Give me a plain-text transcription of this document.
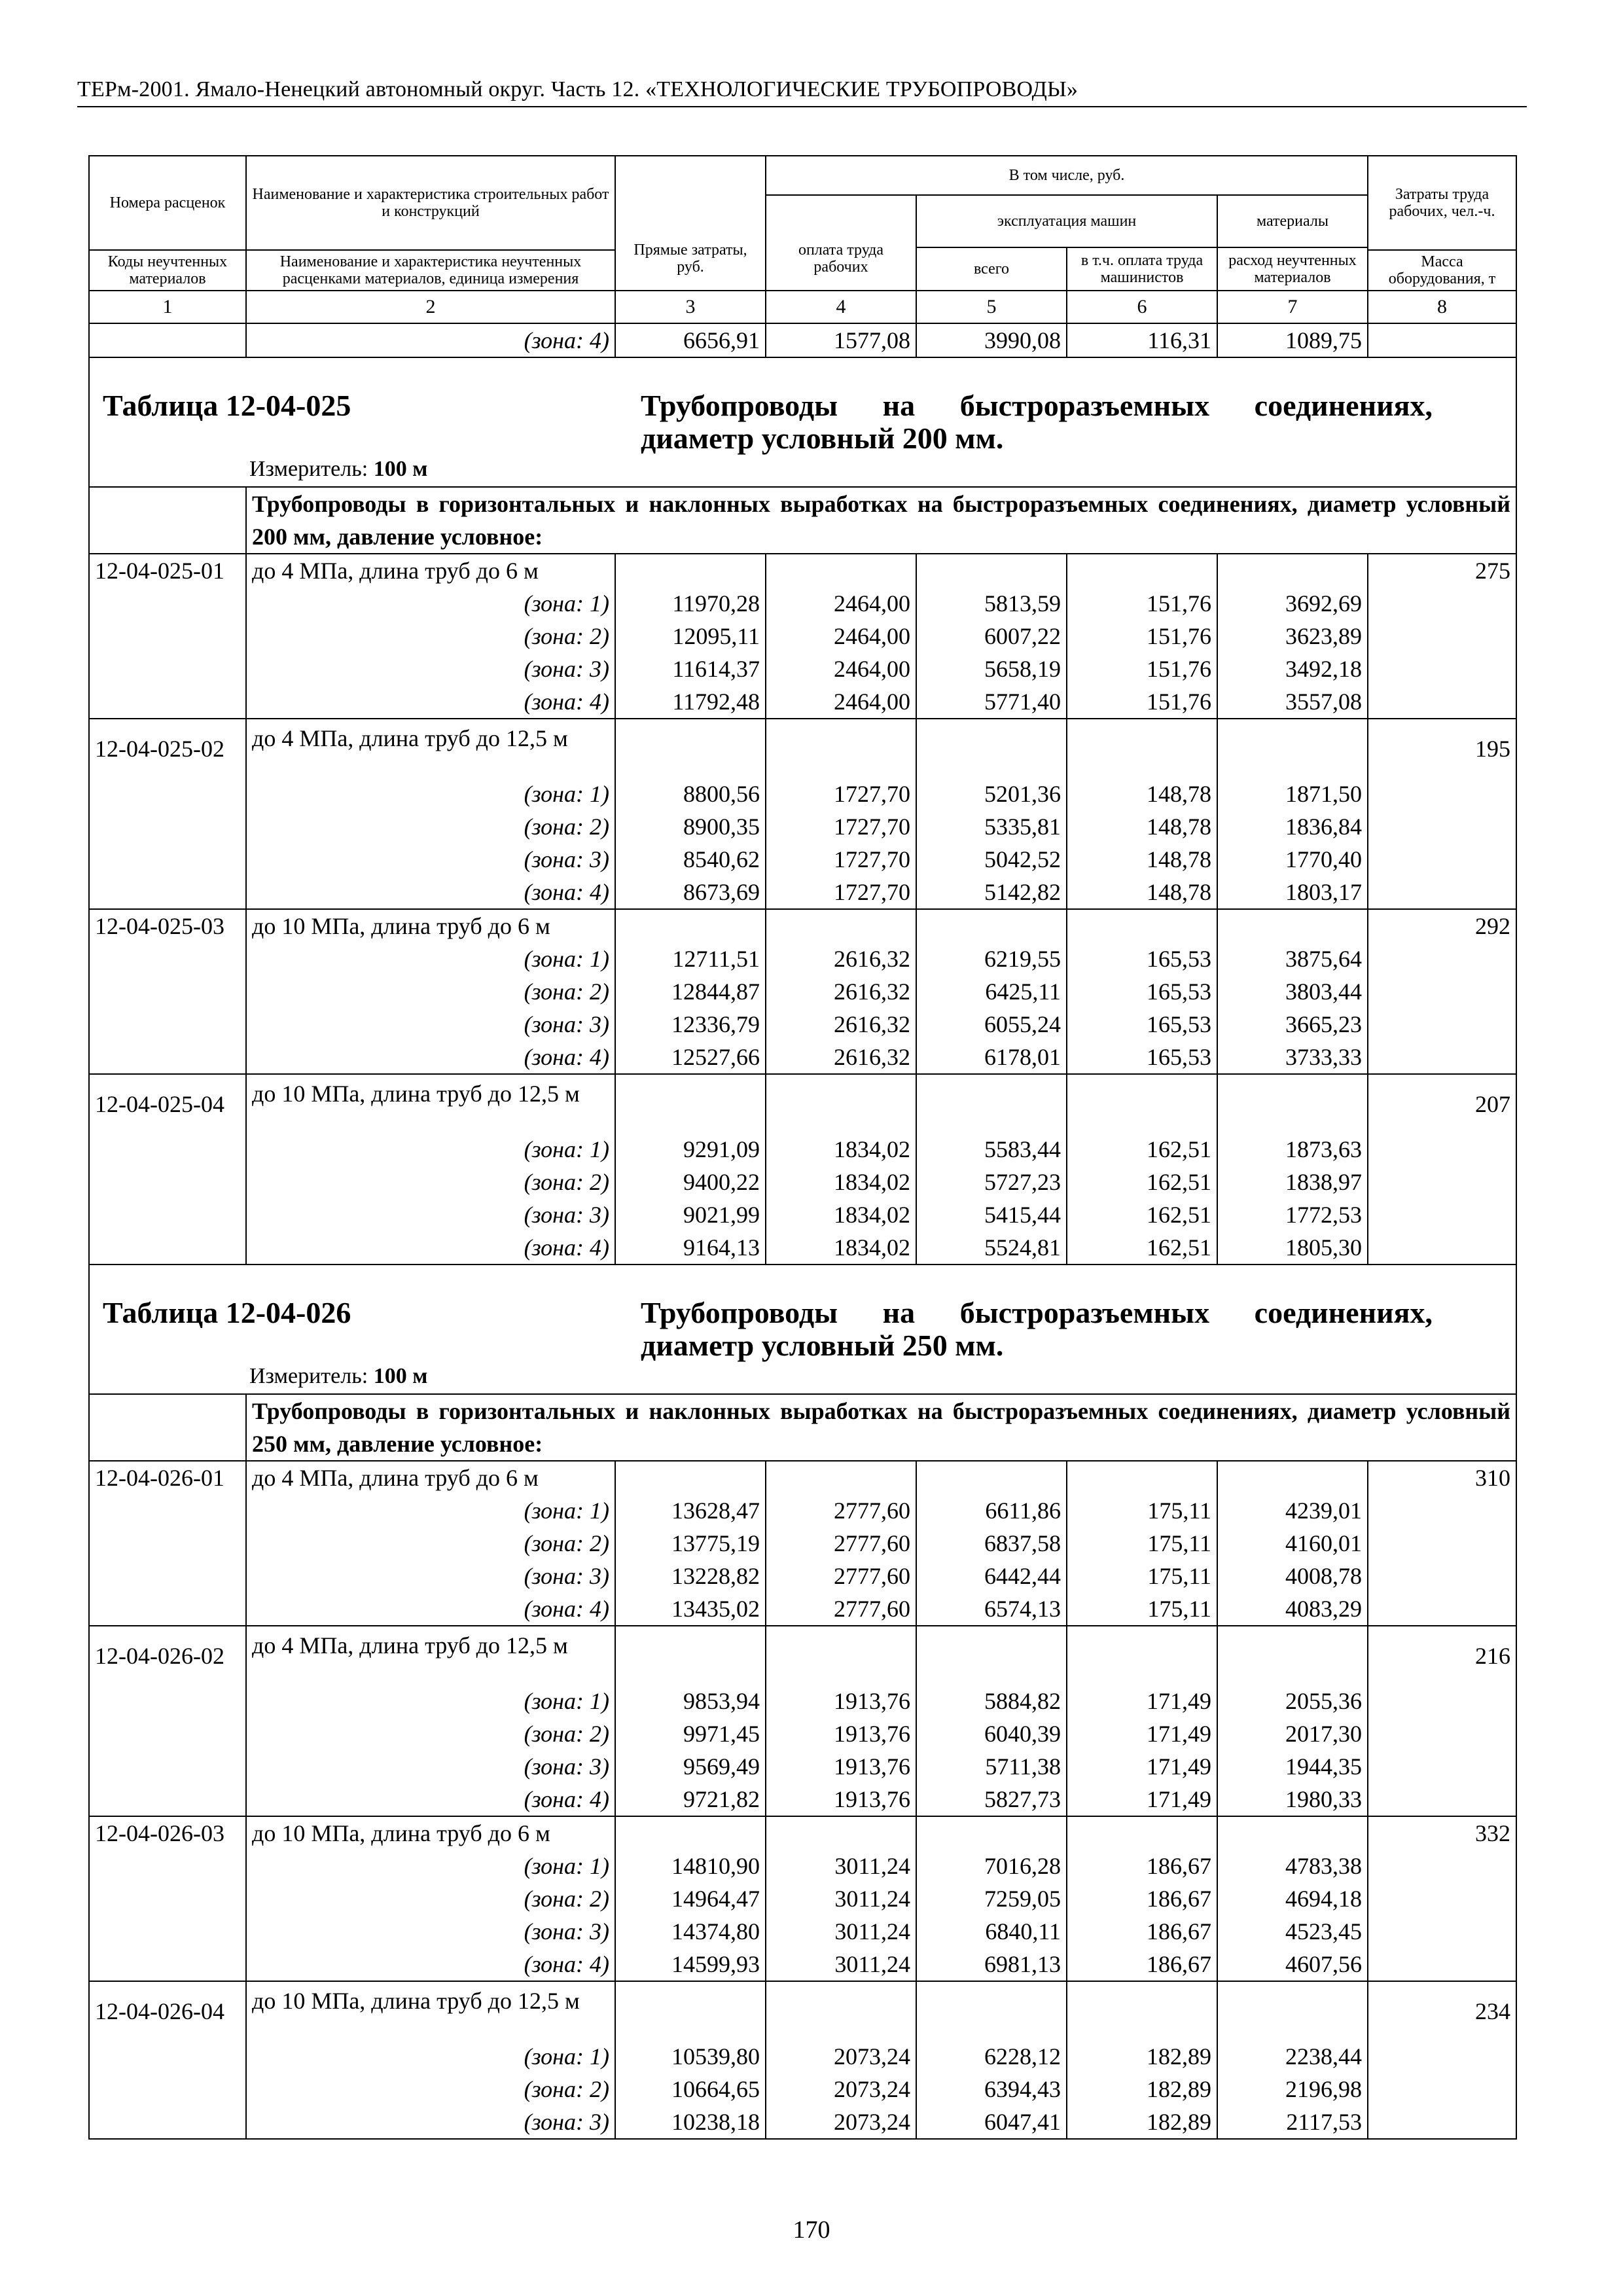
ТЕРм-2001. Ямало-Ненецкий автономный округ. Часть 12. «ТЕХНОЛОГИЧЕСКИЕ ТРУБОПРОВОДЫ»
Номера расценок	Наименование и характеристика строительных работ и конструкций	Прямые затраты, руб.	В том числе, руб.				Затраты труда рабочих, чел.-ч.
			оплата труда рабочих	эксплуатация машин		материалы	
				всего	в т.ч. оплата труда машинистов	расход неучтенных материалов	
Коды неучтенных материалов	Наименование и характеристика неучтенных расценками материалов, единица измерения						Масса оборудования, т

1	2	3	4	5	6	7	8
	(зона: 4)	6656,91	1577,08	3990,08	116,31	1089,75	

Таблица 12-04-025 Трубопроводы на быстроразъемных соединениях, диаметр условный 200 мм.
Измеритель: 100 м							

	Трубопроводы в горизонтальных и наклонных выработках на быстроразъемных соединениях, диаметр условный 200 мм, давление условное:						
12-04-025-01	до 4 МПа, длина труб до 6 м						275
	(зона: 1)	11970,28	2464,00	5813,59	151,76	3692,69	
	(зона: 2)	12095,11	2464,00	6007,22	151,76	3623,89	
	(зона: 3)	11614,37	2464,00	5658,19	151,76	3492,18	
	(зона: 4)	11792,48	2464,00	5771,40	151,76	3557,08	
12-04-025-02	до 4 МПа, длина труб до 12,5 м						195
	(зона: 1)	8800,56	1727,70	5201,36	148,78	1871,50	
	(зона: 2)	8900,35	1727,70	5335,81	148,78	1836,84	
	(зона: 3)	8540,62	1727,70	5042,52	148,78	1770,40	
	(зона: 4)	8673,69	1727,70	5142,82	148,78	1803,17	
12-04-025-03	до 10 МПа, длина труб до 6 м						292
	(зона: 1)	12711,51	2616,32	6219,55	165,53	3875,64	
	(зона: 2)	12844,87	2616,32	6425,11	165,53	3803,44	
	(зона: 3)	12336,79	2616,32	6055,24	165,53	3665,23	
	(зона: 4)	12527,66	2616,32	6178,01	165,53	3733,33	
12-04-025-04	до 10 МПа, длина труб до 12,5 м						207
	(зона: 1)	9291,09	1834,02	5583,44	162,51	1873,63	
	(зона: 2)	9400,22	1834,02	5727,23	162,51	1838,97	
	(зона: 3)	9021,99	1834,02	5415,44	162,51	1772,53	
	(зона: 4)	9164,13	1834,02	5524,81	162,51	1805,30	

Таблица 12-04-026 Трубопроводы на быстроразъемных соединениях, диаметр условный 250 мм.
Измеритель: 100 м							

	Трубопроводы в горизонтальных и наклонных выработках на быстроразъемных соединениях, диаметр условный 250 мм, давление условное:						
12-04-026-01	до 4 МПа, длина труб до 6 м						310
	(зона: 1)	13628,47	2777,60	6611,86	175,11	4239,01	
	(зона: 2)	13775,19	2777,60	6837,58	175,11	4160,01	
	(зона: 3)	13228,82	2777,60	6442,44	175,11	4008,78	
	(зона: 4)	13435,02	2777,60	6574,13	175,11	4083,29	
12-04-026-02	до 4 МПа, длина труб до 12,5 м						216
	(зона: 1)	9853,94	1913,76	5884,82	171,49	2055,36	
	(зона: 2)	9971,45	1913,76	6040,39	171,49	2017,30	
	(зона: 3)	9569,49	1913,76	5711,38	171,49	1944,35	
	(зона: 4)	9721,82	1913,76	5827,73	171,49	1980,33	
12-04-026-03	до 10 МПа, длина труб до 6 м						332
	(зона: 1)	14810,90	3011,24	7016,28	186,67	4783,38	
	(зона: 2)	14964,47	3011,24	7259,05	186,67	4694,18	
	(зона: 3)	14374,80	3011,24	6840,11	186,67	4523,45	
	(зона: 4)	14599,93	3011,24	6981,13	186,67	4607,56	
12-04-026-04	до 10 МПа, длина труб до 12,5 м						234
	(зона: 1)	10539,80	2073,24	6228,12	182,89	2238,44	
	(зона: 2)	10664,65	2073,24	6394,43	182,89	2196,98	
	(зона: 3)	10238,18	2073,24	6047,41	182,89	2117,53	
170
